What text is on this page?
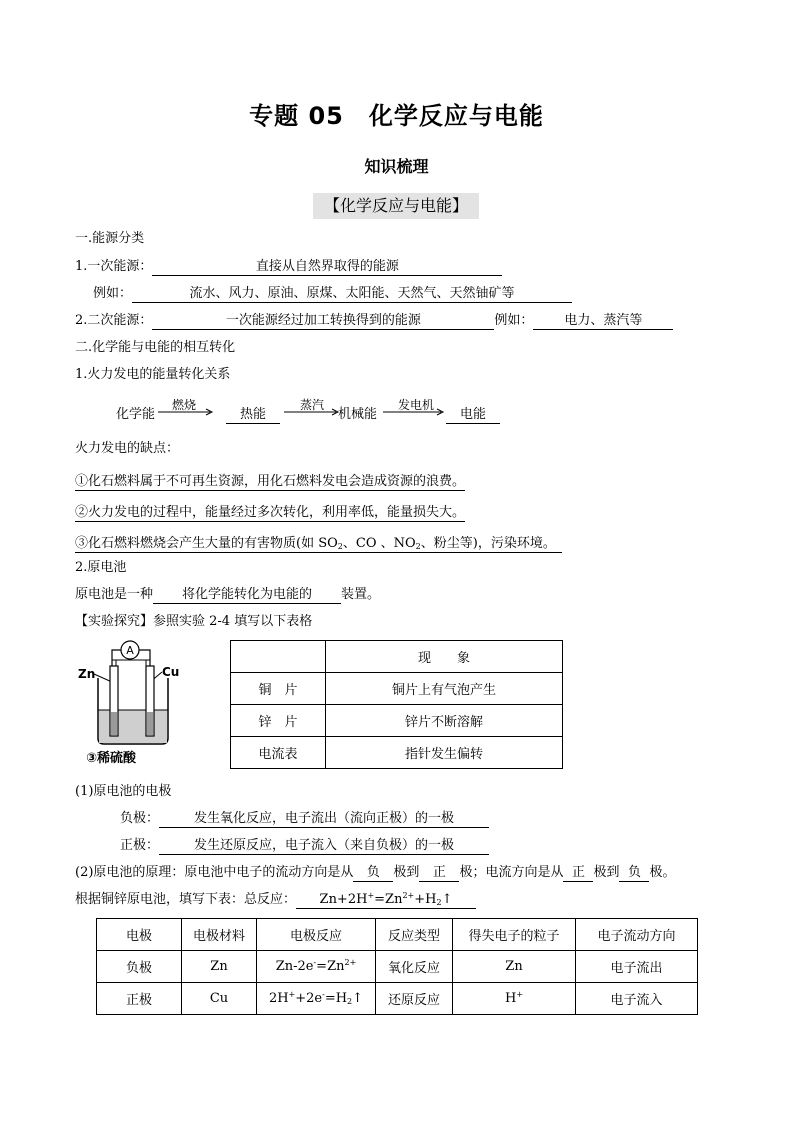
专题 05　化学反应与电能
知识梳理
【化学反应与电能】
一.能源分类
1.一次能源：	直接从自然界取得的能源
例如：	流水、风力、原油、原煤、太阳能、天然气、天然铀矿等
2.二次能源：	一次能源经过加工转换得到的能源	例如： 电力、蒸汽等
二.化学能与电能的相互转化
1.火力发电的能量转化关系
化学能
燃烧
热能
蒸汽
机械能
发电机
电能
火力发电的缺点：
①化石燃料属于不可再生资源，用化石燃料发电会造成资源的浪费。
②火力发电的过程中，能量经过多次转化，利用率低，能量损失大。
③化石燃料燃烧会产生大量的有害物质(如 $SO_2$、CO 、$NO_2$、粉尘等)，污染环境。　
2.原电池
原电池是一种 将化学能转化为电能的 装置。
【实验探究】参照实验 2-4 填写以下表格
A
Zn	Cu
③稀硫酸
	现　　象
铜　片	铜片上有气泡产生
锌　片	锌片不断溶解
电流表	指针发生偏转
(1)原电池的电极
负极：	发生氧化反应，电子流出（流向正极）的一极
正极：	发生还原反应，电子流入（来自负极）的一极
(2)原电池的原理：原电池中电子的流动方向是从 负 极到 正 极；电流方向是从 正 极到 负 极。
根据铜锌原电池，填写下表：总反应： $Zn+2H^+=Zn^{2+}+H_2↑$
电极	电极材料	电极反应	反应类型	得失电子的粒子	电子流动方向
负极	Zn	$Zn-2e^-=Zn^{2+}$	氧化反应	Zn	电子流出
正极	Cu	$2H^++2e^-=H_2↑$	还原反应	H+	电子流入
